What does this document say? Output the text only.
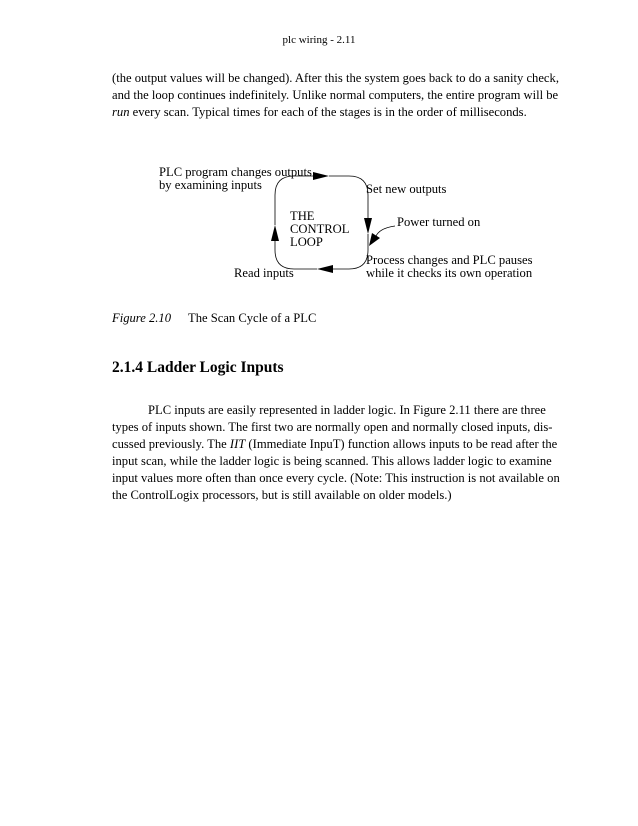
plc wiring - 2.11

(the output values will be changed). After this the system goes back to do a sanity check, and the loop continues indefinitely. Unlike normal computers, the entire program will be run every scan. Typical times for each of the stages is in the order of milliseconds.

PLC program changes outputs
by examining inputs	Set new outputs
THE
CONTROL
LOOP
Power turned on
Process changes and PLC pauses
while it checks its own operation
Read inputs
Figure 2.10 The Scan Cycle of a PLC
2.1.4 Ladder Logic Inputs

PLC inputs are easily represented in ladder logic. In Figure 2.11 there are three types of inputs shown. The first two are normally open and normally closed inputs, dis-cussed previously. The IIT (Immediate InpuT) function allows inputs to be read after the input scan, while the ladder logic is being scanned. This allows ladder logic to examine input values more often than once every cycle. (Note: This instruction is not available on the ControlLogix processors, but is still available on older models.)
